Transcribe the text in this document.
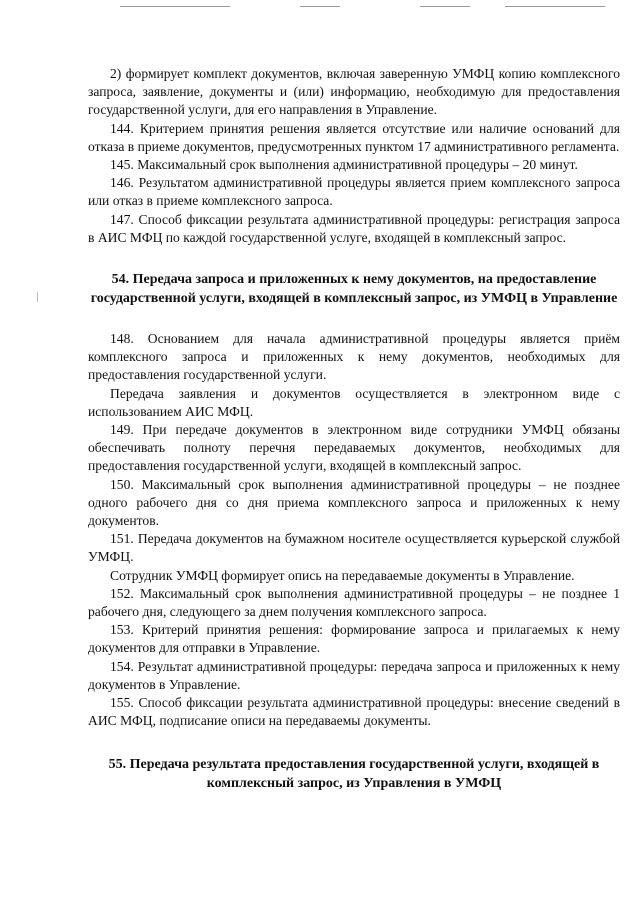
2) формирует комплект документов, включая заверенную УМФЦ копию комплексного запроса, заявление, документы и (или) информацию, необходимую для предоставления государственной услуги, для его направления в Управление.

144. Критерием принятия решения является отсутствие или наличие оснований для отказа в приеме документов, предусмотренных пунктом 17 административного регламента.

145. Максимальный срок выполнения административной процедуры – 20 минут.

146. Результатом административной процедуры является прием комплексного запроса или отказ в приеме комплексного запроса.

147. Способ фиксации результата административной процедуры: регистрация запроса в АИС МФЦ по каждой государственной услуге, входящей в комплексный запрос.

54. Передача запроса и приложенных к нему документов, на предоставление государственной услуги, входящей в комплексный запрос, из УМФЦ в Управление

148. Основанием для начала административной процедуры является приём комплексного запроса и приложенных к нему документов, необходимых для предоставления государственной услуги.

Передача заявления и документов осуществляется в электронном виде с использованием АИС МФЦ.

149. При передаче документов в электронном виде сотрудники УМФЦ обязаны обеспечивать полноту перечня передаваемых документов, необходимых для предоставления государственной услуги, входящей в комплексный запрос.

150. Максимальный срок выполнения административной процедуры – не позднее одного рабочего дня со дня приема комплексного запроса и приложенных к нему документов.

151. Передача документов на бумажном носителе осуществляется курьерской службой УМФЦ.

Сотрудник УМФЦ формирует опись на передаваемые документы в Управление.

152. Максимальный срок выполнения административной процедуры – не позднее 1 рабочего дня, следующего за днем получения комплексного запроса.

153. Критерий принятия решения: формирование запроса и прилагаемых к нему документов для отправки в Управление.

154. Результат административной процедуры: передача запроса и приложенных к нему документов в Управление.

155. Способ фиксации результата административной процедуры: внесение сведений в АИС МФЦ, подписание описи на передаваемы документы.

55. Передача результата предоставления государственной услуги, входящей в комплексный запрос, из Управления в УМФЦ
